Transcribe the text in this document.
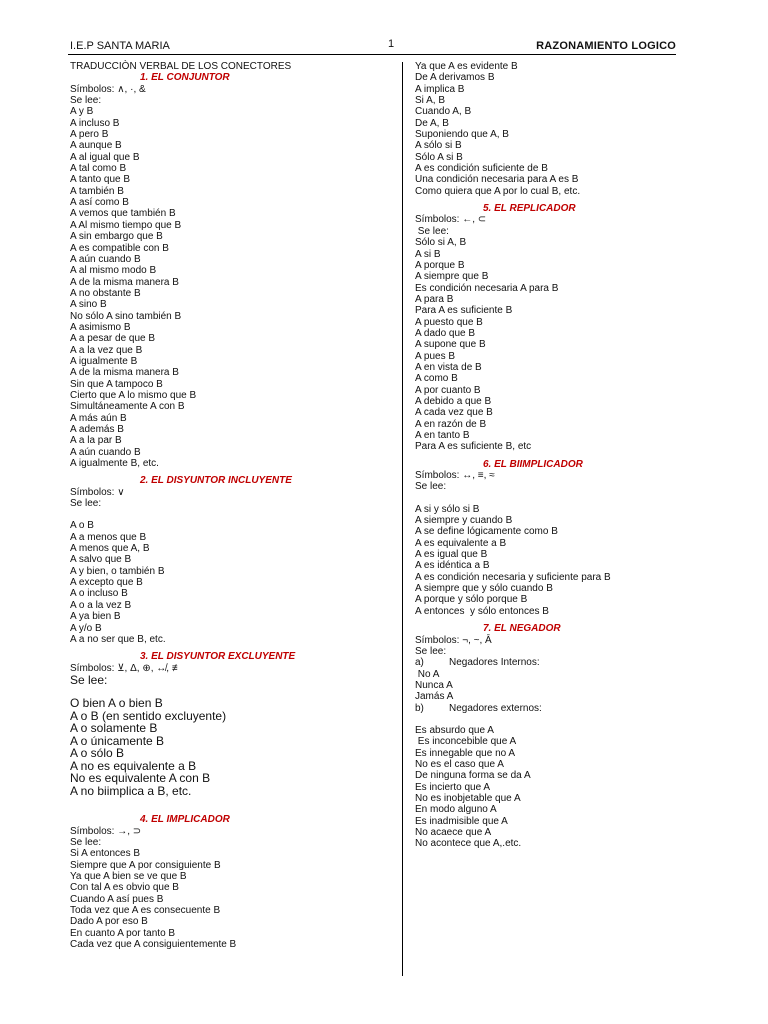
I.E.P SANTA MARIA	1	RAZONAMIENTO LOGICO
TRADUCCIÒN VERBAL DE LOS CONECTORES
1. EL CONJUNTOR
Símbolos: ∧, ·, &
Se lee:
A y B
A incluso B
A pero B
A aunque B
A al igual que B
A tal como B
A tanto que B
A también B
A así como B
A vemos que también B
A Al mismo tiempo que B
A sin embargo que B
A es compatible con B
A aún cuando B
A al mismo modo B
A de la misma manera B
A no obstante B
A sino B
No sólo A sino también B
A asimismo B
A a pesar de que B
A a la vez que B
A igualmente B
A de la misma manera B
Sin que A tampoco B
Cierto que A lo mismo que B
Simultáneamente A con B
A más aún B
A además B
A a la par B
A aún cuando B
A igualmente B, etc.
2. EL DISYUNTOR INCLUYENTE
Símbolos: ∨
Se lee:
A o B
A a menos que B
A menos que A, B
A salvo que B
A y bien, o también B
A excepto que B
A o incluso B
A o a la vez B
A ya bien B
A y/o B
A a no ser que B, etc.
3. EL DISYUNTOR EXCLUYENTE
Símbolos: ⊻, Δ, ⊕, ↮, ≢
Se lee:
O bien A o bien B
A o B (en sentido excluyente)
A o solamente B
A o únicamente B
A o sólo B
A no es equivalente a B
No es equivalente A con B
A no biimplica a B, etc.
4. EL IMPLICADOR
Símbolos: →, ⊃
Se lee:
Si A entonces B
Siempre que A por consiguiente B
Ya que A bien se ve que B
Con tal A es obvio que B
Cuando A así pues B
Toda vez que A es consecuente B
Dado A por eso B
En cuanto A por tanto B
Cada vez que A consiguientemente B
Ya que A es evidente B
De A derivamos B
A implica B
Si A, B
Cuando A, B
De A, B
Suponiendo que A, B
A sólo si B
Sólo A si B
A es condición suficiente de B
Una condición necesaria para A es B
Como quiera que A por lo cual B, etc.
5. EL REPLICADOR
Símbolos: ←, ⊂
Se lee:
Sólo si A, B
A si B
A porque B
A siempre que B
Es condición necesaria A para B
A para B
Para A es suficiente B
A puesto que B
A dado que B
A supone que B
A pues B
A en vista de B
A como B
A por cuanto B
A debido a que B
A cada vez que B
A en razón de B
A en tanto B
Para A es suficiente B, etc
6. EL BIIMPLICADOR
Símbolos: ↔, ≡, ≈
Se lee:
A si y sólo si B
A siempre y cuando B
A se define lógicamente como B
A es equivalente a B
A es igual que B
A es idéntica a B
A es condición necesaria y suficiente para B
A siempre que y sólo cuando B
A porque y sólo porque B
A entonces  y sólo entonces B
7. EL NEGADOR
Símbolos: ¬, ~, Ā
Se lee:
a)	Negadores Internos:
No A
Nunca A
Jamás A
b)	Negadores externos:
Es absurdo que A
Es inconcebible que A
Es innegable que no A
No es el caso que A
De ninguna forma se da A
Es incierto que A
No es inobjetable que A
En modo alguno A
Es inadmisible que A
No acaece que A
No acontece que A,.etc.
